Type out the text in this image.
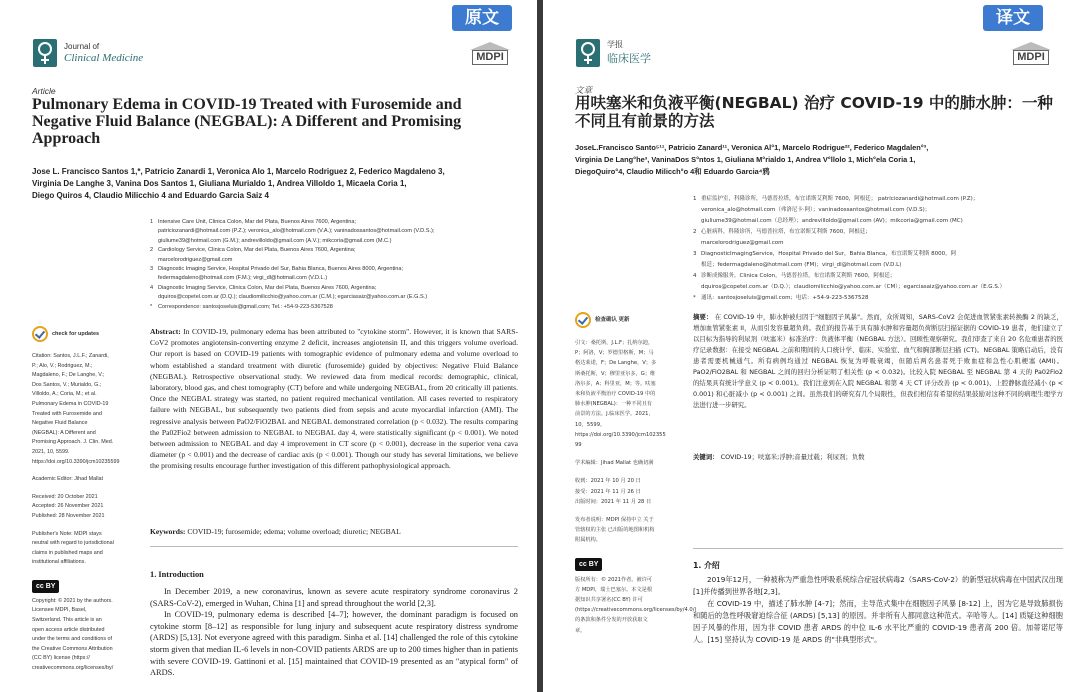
原文
Journal of
Clinical Medicine	MDPI
Article
Pulmonary Edema in COVID-19 Treated with Furosemide and Negative Fluid Balance (NEGBAL): A Different and Promising Approach
Jose L. Francisco Santos 1,*, Patricio Zanardi 1, Veronica Alo 1, Marcelo Rodriguez 2, Federico Magdaleno 3,
Virginia De Langhe 3, Vanina Dos Santos 1, Giuliana Murialdo 1, Andrea Villoldo 1, Micaela Coria 1,
Diego Quiros 4, Claudio Milicchio 4 and Eduardo Garcia Saiz 4
1 Intensive Care Unit, Clinica Colon, Mar del Plata, Buenos Aires 7600, Argentina;
patriciozanardi@hotmail.com (P.Z.); veronica_alo@hotmail.com (V.A.); vaninadossantos@hotmail.com (V.D.S.);
giuliume39@hotmail.com (G.M.); andrevilloldo@gmail.com (A.V.); mikcoria@gmail.com (M.C.)
2 Cardiology Service, Clinica Colon, Mar del Plata, Buenos Aires 7600, Argentina;
marcelorodriguez@gmail.com
3 Diagnostic Imaging Service, Hospital Privado del Sur, Bahia Blanca, Buenos Aires 8000, Argentina;
federmagdaleno@hotmail.com (F.M.); virgi_dl@hotmail.com (V.D.L.)
4 Diagnostic Imaging Service, Clinica Colon, Mar del Plata, Buenos Aires 7600, Argentina;
dquiros@copetel.com.ar (D.Q.); claudiomilicchio@yahoo.com.ar (C.M.); egarciasaiz@yahoo.com.ar (E.G.S.)
*	Correspondence: santosjoseluis@gmail.com; Tel.: +54-9-223-5367528
check for updates
Citation: Santos, J.L.F.; Zanardi, P.; Alo, V.; Rodriguez, M.; Magdaleno, F.; De Langhe, V.; Dos Santos, V.; Murialdo, G.; Villoldo, A.; Coria, M.; et al. Pulmonary Edema in COVID-19 Treated with Furosemide and Negative Fluid Balance (NEGBAL): A Different and Promising Approach. J. Clin. Med. 2021, 10, 5599. https://doi.org/10.3390/jcm10235599
Academic Editor: Jihad Mallat
Received: 20 October 2021
Accepted: 26 November 2021
Published: 28 November 2021
Publisher's Note: MDPI stays neutral with regard to jurisdictional claims in published maps and institutional affiliations.
cc BY
Copyright: © 2021 by the authors. Licensee MDPI, Basel, Switzerland. This article is an open access article distributed under the terms and conditions of the Creative Commons Attribution (CC BY) license (https:// creativecommons.org/licenses/by/
Abstract: In COVID-19, pulmonary edema has been attributed to "cytokine storm". However, it is known that SARS-CoV2 promotes angiotensin-converting enzyme 2 deficit, increases angiotensin II, and this triggers volume overload. Our report is based on COVID-19 patients with tomographic evidence of pulmonary edema and volume overload to whom established a standard treatment with diuretic (furosemide) guided by objectives: Negative Fluid Balance (NEGBAL). Retrospective observational study. We reviewed data from medical records: demographic, clinical, laboratory, blood gas, and chest tomography (CT) before and while undergoing NEGBAL, from 20 critically ill patients. Once the NEGBAL strategy was started, no patient required mechanical ventilation. All cases reverted to respiratory failure with NEGBAL, but subsequently two patients died from sepsis and acute myocardial infarction (AMI). The regressive analysis between PaO2/FiO2BAL and NEGBAL demonstrated correlation (p < 0.032). The results comparing the Pa02Fio2 between admission to NEGBAL to NEGBAL day 4, were statistically significant (p < 0.001). We noted between admission to NEGBAL and day 4 improvement in CT score (p < 0.001), decrease in the superior vena cava diameter (p < 0.001) and the decrease of cardiac axis (p < 0.001). Though our study has several limitations, we believe the promising results encourage further investigation of this different pathophysiological approach.
Keywords: COVID-19; furosemide; edema; volume overload; diuretic; NEGBAL
1. Introduction

In December 2019, a new coronavirus, known as severe acute respiratory syndrome coronavirus 2 (SARS-CoV-2), emerged in Wuhan, China [1] and spread throughout the world [2,3].

In COVID-19, pulmonary edema is described [4–7]; however, the dominant paradigm is focused on cytokine storm [8–12] as responsible for lung injury and subsequent acute respiratory distress syndrome (ARDS) [5,13]. Not everyone agreed with this paradigm. Sinha et al. [14] challenged the role of this cytokine storm given that median IL-6 levels in non-COVID patients ARDS are up to 200 times higher than in patients with severe COVID-19. Gattinoni et al. [15] maintained that COVID-19 presented as an "atypical form" of ARDS.

译文
学报
临床医学	MDPI
文章
用呋塞米和负液平衡(NEGBAL) 治疗 COVID-19 中的肺水肿：一种不同且有前景的方法
JoseL.Francisco Santo⁵¹¹, Patricio Zanard¹¹, Veronica Al°1, Marcelo Rodrigue²², Federico Magdalen°³,
Virginia De Lang°he³, VaninaDos S°ntos 1, Giuliana M°rialdo 1, Andrea V°llolo 1, Mich°ela Coria 1,
DiegoQuiro°4, Claudio Milicch°o 4和 Eduardo Garcia⁴鸦
1 重症监护室，科隆诊所，马德普拉塔，布宜诺斯艾利斯 7600，阿根廷； patriciozanardi@hotmail.com (P.Z)；
veronica_alo@hotmail.com（弗洛尼卡·阿）；vaninadossantos@hotmail.com (V.D.S)；
giuliume39@hotmail.com（总经理）；andrevilloldo@gmail.com (AV)；mikcoria@gmail.com (MC)
2 心脏病科，科隆诊所，马德普拉塔，布宜诺斯艾利斯 7600，阿根廷；
marcelorodriguez@gmail.com
3 DiagnosticImagingService，Hospital Privado del Sur，Bahia Blanca，布宜诺斯艾利斯 8000，阿
根廷；federmagdaleno@hotmail.com (FM)；virgi_dl@hotmail.com (V.D.L)
4 诊断成像服务，Clinica Colon，马德普拉塔，布宜诺斯艾利斯 7600，阿根廷；
dquiros@copetel.com.ar（D.Q.）；claudiomilicchio@yahoo.com.ar（CM）；egarciasaiz@yahoo.com.ar（E.G.S.）
* 通讯：santosjoseluis@gmail.com；电话：+54-9-223-5367528
检查确认 更新
引文：桑托斯，J.L.F；扎纳尔迪，P；阿洛，V；罗德里格斯，M；马格达莱诺，F；De Langhe，V；多斯桑托斯，V；穆里亚尔多，G；维洛尔多，A；科里亚，M；等。呋塞米和负液平衡治疗 COVID-19 中的肺水肿(NEGBAL)：一种不同且有前景的方法。J.临床医学。2021，10，5599。https://doi.org/10.3390/jcm102355 99
学术编辑：Jihad Mallat 也确切满
收到：2021 年 10 月 20 日
接受：2021 年 11 月 26 日
出版时间：2021 年 11 月 28 日
发布者说明：MDPI 保持中立 关于管辖权的主张 已出版的地图和机构附属机构。
cc BY
版权所有：© 2021作者。被许可方 MDPI，瑞士巴塞尔。本文是根据知识共享署名(CC BY) 许可 (https://creativecommons.org/licenses/by/4.0/)的条款和条件分发的开放获取文章。
摘要： 在 COVID-19 中，肺水肿被归因于"细胞因子风暴"。然而，众所周知，SARS-CoV2 会促进血管紧张素转换酶 2 的缺乏，增加血管紧张素 II，从而引发容量超负荷。我们的报告基于具有肺水肿和容量超负荷断层扫描证据的 COVID-19 患者，他们建立了以目标为指导的利尿剂（呋塞米）标准治疗：负液体平衡（NEGBAL 方法）。回顾性观察研究。我们审查了来自 20 名危重患者的医疗记录数据：在接受 NEGBAL 之前和期间的人口统计学、临床、实验室、血气和胸部断层扫描 (CT)。NEGBAL 策略启动后，没有患者需要机械通气。所有病例均通过 NEGBAL 恢复为呼吸衰竭，但随后两名患者死于败血症和急性心肌梗塞 (AMI)。PaO2/FiO2BAL 和 NEGBAL 之间的回归分析证明了相关性 (p < 0.032)。比较入院 NEGBAL 至 NEGBAL 第 4 天的 Pa02Fio2 的结果具有统计学意义 (p < 0.001)。我们注意到在入院 NEGBAL 和第 4 天 CT 评分改善 (p < 0.001)、上腔静脉直径减小 (p < 0.001) 和心脏减小 (p < 0.001) 之间。虽然我们的研究有几个局限性，但我们相信有希望的结果鼓励对这种不同的病理生理学方法进行进一步研究。
关键词： COVID-19；呋塞米;浮肿;音量过载；利尿剂；负数
1. 介绍

2019年12月，一种被称为严重急性呼吸系统综合症冠状病毒2（SARS-CoV-2）的新型冠状病毒在中国武汉出现[1]并传播到世界各地[2,3]。

在 COVID-19 中，描述了肺水肿 [4-7]；然而，主导范式集中在细胞因子风暴 [8-12] 上，因为它是导致肺损伤和随后的急性呼吸窘迫综合征 (ARDS) [5,13] 的原因。并非所有人都同意这种范式。辛哈等人。[14] 质疑这种细胞因子风暴的作用，因为非 COVID 患者 ARDS 的中位 IL-6 水平比严重的 COVID-19 患者高 200 倍。加蒂诺尼等人。[15] 坚持认为 COVID-19 是 ARDS 的"非典型形式"。
